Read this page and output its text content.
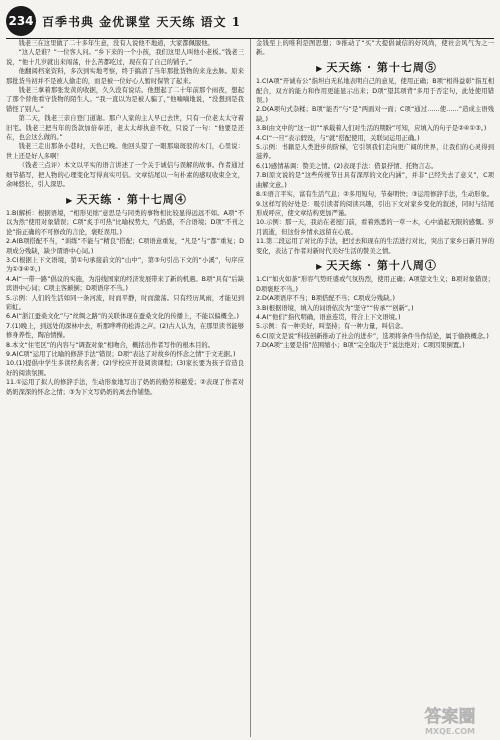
234 百季书典 金优课堂 天天练 语文 1

钱老三在这里做了二十多年生意，没有人说他不地道，大家都佩服他。

“这人是谁？”一位客人问。“乡下来的一个小孩，我们这里人叫他小老板。”钱老三说，“他十几岁就出来闯荡，什么苦都吃过，现在有了自己的铺子。”

他翻阅档案资料，多次到实地考察，终于搞清了当年那批货物的来龙去脉。原来那批货当初并不是被人偷走的，而是被一位好心人暂时保管了起来。

钱老三拿着那张发黄的收据，久久没有说话。他想起了二十年前那个雨夜，想起了那个替他看守货物的陌生人。“我一直以为是被人骗了，”他喃喃地说，“没想到是我错怪了别人。”

第二天，钱老三亲自登门道谢。那户人家的主人早已去世，只有一位老太太守着旧宅。钱老三把当年的货款加倍奉还，老太太却执意不收，只说了一句：“他要是还在，也会这么做的。”

钱老三走出那条小巷时，天色已晚。他回头望了一眼那扇斑驳的木门，心里说：世上还是好人多啊！

（钱老三点评）本文以平实的语言讲述了一个关于诚信与误解的故事。作者通过细节描写，把人物的心理变化写得真实可信。文章结尾以一句朴素的感叹收束全文，余味悠长，引人深思。

▶ 天天练 · 第十七周④

1.B(解析：根据语境，“相形见绌”意思是与同类的事物相比较显得远远不如。A项“不以为然”使用对象错误；C项“炙手可热”比喻权势大，气焰盛，不合语境；D项“不刊之论”指正确的不可修改的言论，褒贬误用。)

2.A(B项搭配不当，“训练”不能与“精良”搭配；C项语意重复，“凡是”与“都”重复；D项成分残缺，缺少谓语中心词。)

3.C(根据上下文语境，第①句承接前文的“山中”，第③句引出下文的“小溪”，句序应为①③④②。)

4.A(“一带一路”倡议的实施，为沿线国家的经济发展带来了新的机遇。B项“具有”后缺宾语中心词；C项主客颠倒；D项语序不当。)

5.示例：人们的生活如同一条河流，时而平静，时而激荡。只有经历风雨，才能见到彩虹。

6.A(“浙江蚕桑文化”与“丝绸之路”的关联体现在蚕桑文化的传播上，不能以偏概全。)

7.(1)晚上，到远处的深林中去，听那哗哗的松涛之声。(2)古人认为，在那里读书能够修身养性，陶冶情操。

8.本文“住宅区”的内容与“调查对象”相吻合，概括出作者写作的根本目的。

9.A(C项“运用了比喻的修辞手法”错误；D项“表达了对故乡的怀念之情”于文无据。)

10.(1)提倡中学生多读经典名著；(2)学校应开设阅读课程；(3)家长要为孩子营造良好的阅读氛围。

11.①运用了拟人的修辞手法，生动形象地写出了奶奶的勤劳和慈爱；②表现了作者对奶奶深深的怀念之情；③为下文写奶奶的离去作铺垫。

金钱至上的唯利是图思想；③推动了“买”大提倡诚信的好风尚，使社会风气为之一新。

▶ 天天练 · 第十七周⑤

1.C(A项“开诚布公”指坦白无私地表明自己的意见，使用正确；B项“相得益彰”指互相配合，双方的能力和作用更能显示出来；D项“望其项背”多用于否定句，此处使用错误。)

2.D(A项句式杂糅；B项“能否”与“是”两面对一面；C项“通过……使……”造成主语残缺。)

3.B(由文中的“这一切”“承载着人们对生活的期盼”可知，应填入的句子是②④①③。)

4.C(“一旦”表示假设，与“就”搭配使用，关联词运用正确。)

5.示例：书籍是人类进步的阶梯，它引领我们走向更广阔的世界，让我们的心灵得到滋养。

6.(1)感情基调：赞美之情。(2)表现手法：借景抒情、托物言志。

7.B(原文说的是“这些传统节日具有深厚的文化内涵”，并非“已经失去了意义”，C项曲解文意。)

8.①语言平实，富有生活气息；②多用短句，节奏明快；③运用修辞手法，生动形象。

9.这样写的好处是：吸引读者的阅读兴趣，引出下文对家乡变化的叙述，同时与结尾形成呼应，使文章结构更加严谨。

10.示例：那一天，我站在老屋门前，看着熟悉的一草一木，心中涌起无限的感慨。岁月流逝，但这份乡情永远留在心底。

11.第二段运用了对比的手法，把过去和现在的生活进行对比，突出了家乡日新月异的变化，表达了作者对新时代美好生活的赞美之情。

▶ 天天练 · 第十八周①

1.C(“如火如荼”形容气势旺盛或气氛热烈，使用正确；A项望文生义；B项对象错误；D项褒贬不当。)

2.D(A项语序不当；B项搭配不当；C项成分残缺。)

3.B(根据语境，填入的词语依次为“坚守”“传承”“创新”。)

4.A(“他们”指代明确，语意连贯，符合上下文语境。)

5.示例：有一种美好，叫坚持；有一种力量，叫信念。

6.C(原文是说“科技创新推动了社会的进步”，选项将条件当作结论，属于偷换概念。)

7.D(A项“主要是指”范围缩小；B项“完全取决于”说法绝对；C项因果倒置。)

答案圈
MXQE.COM
